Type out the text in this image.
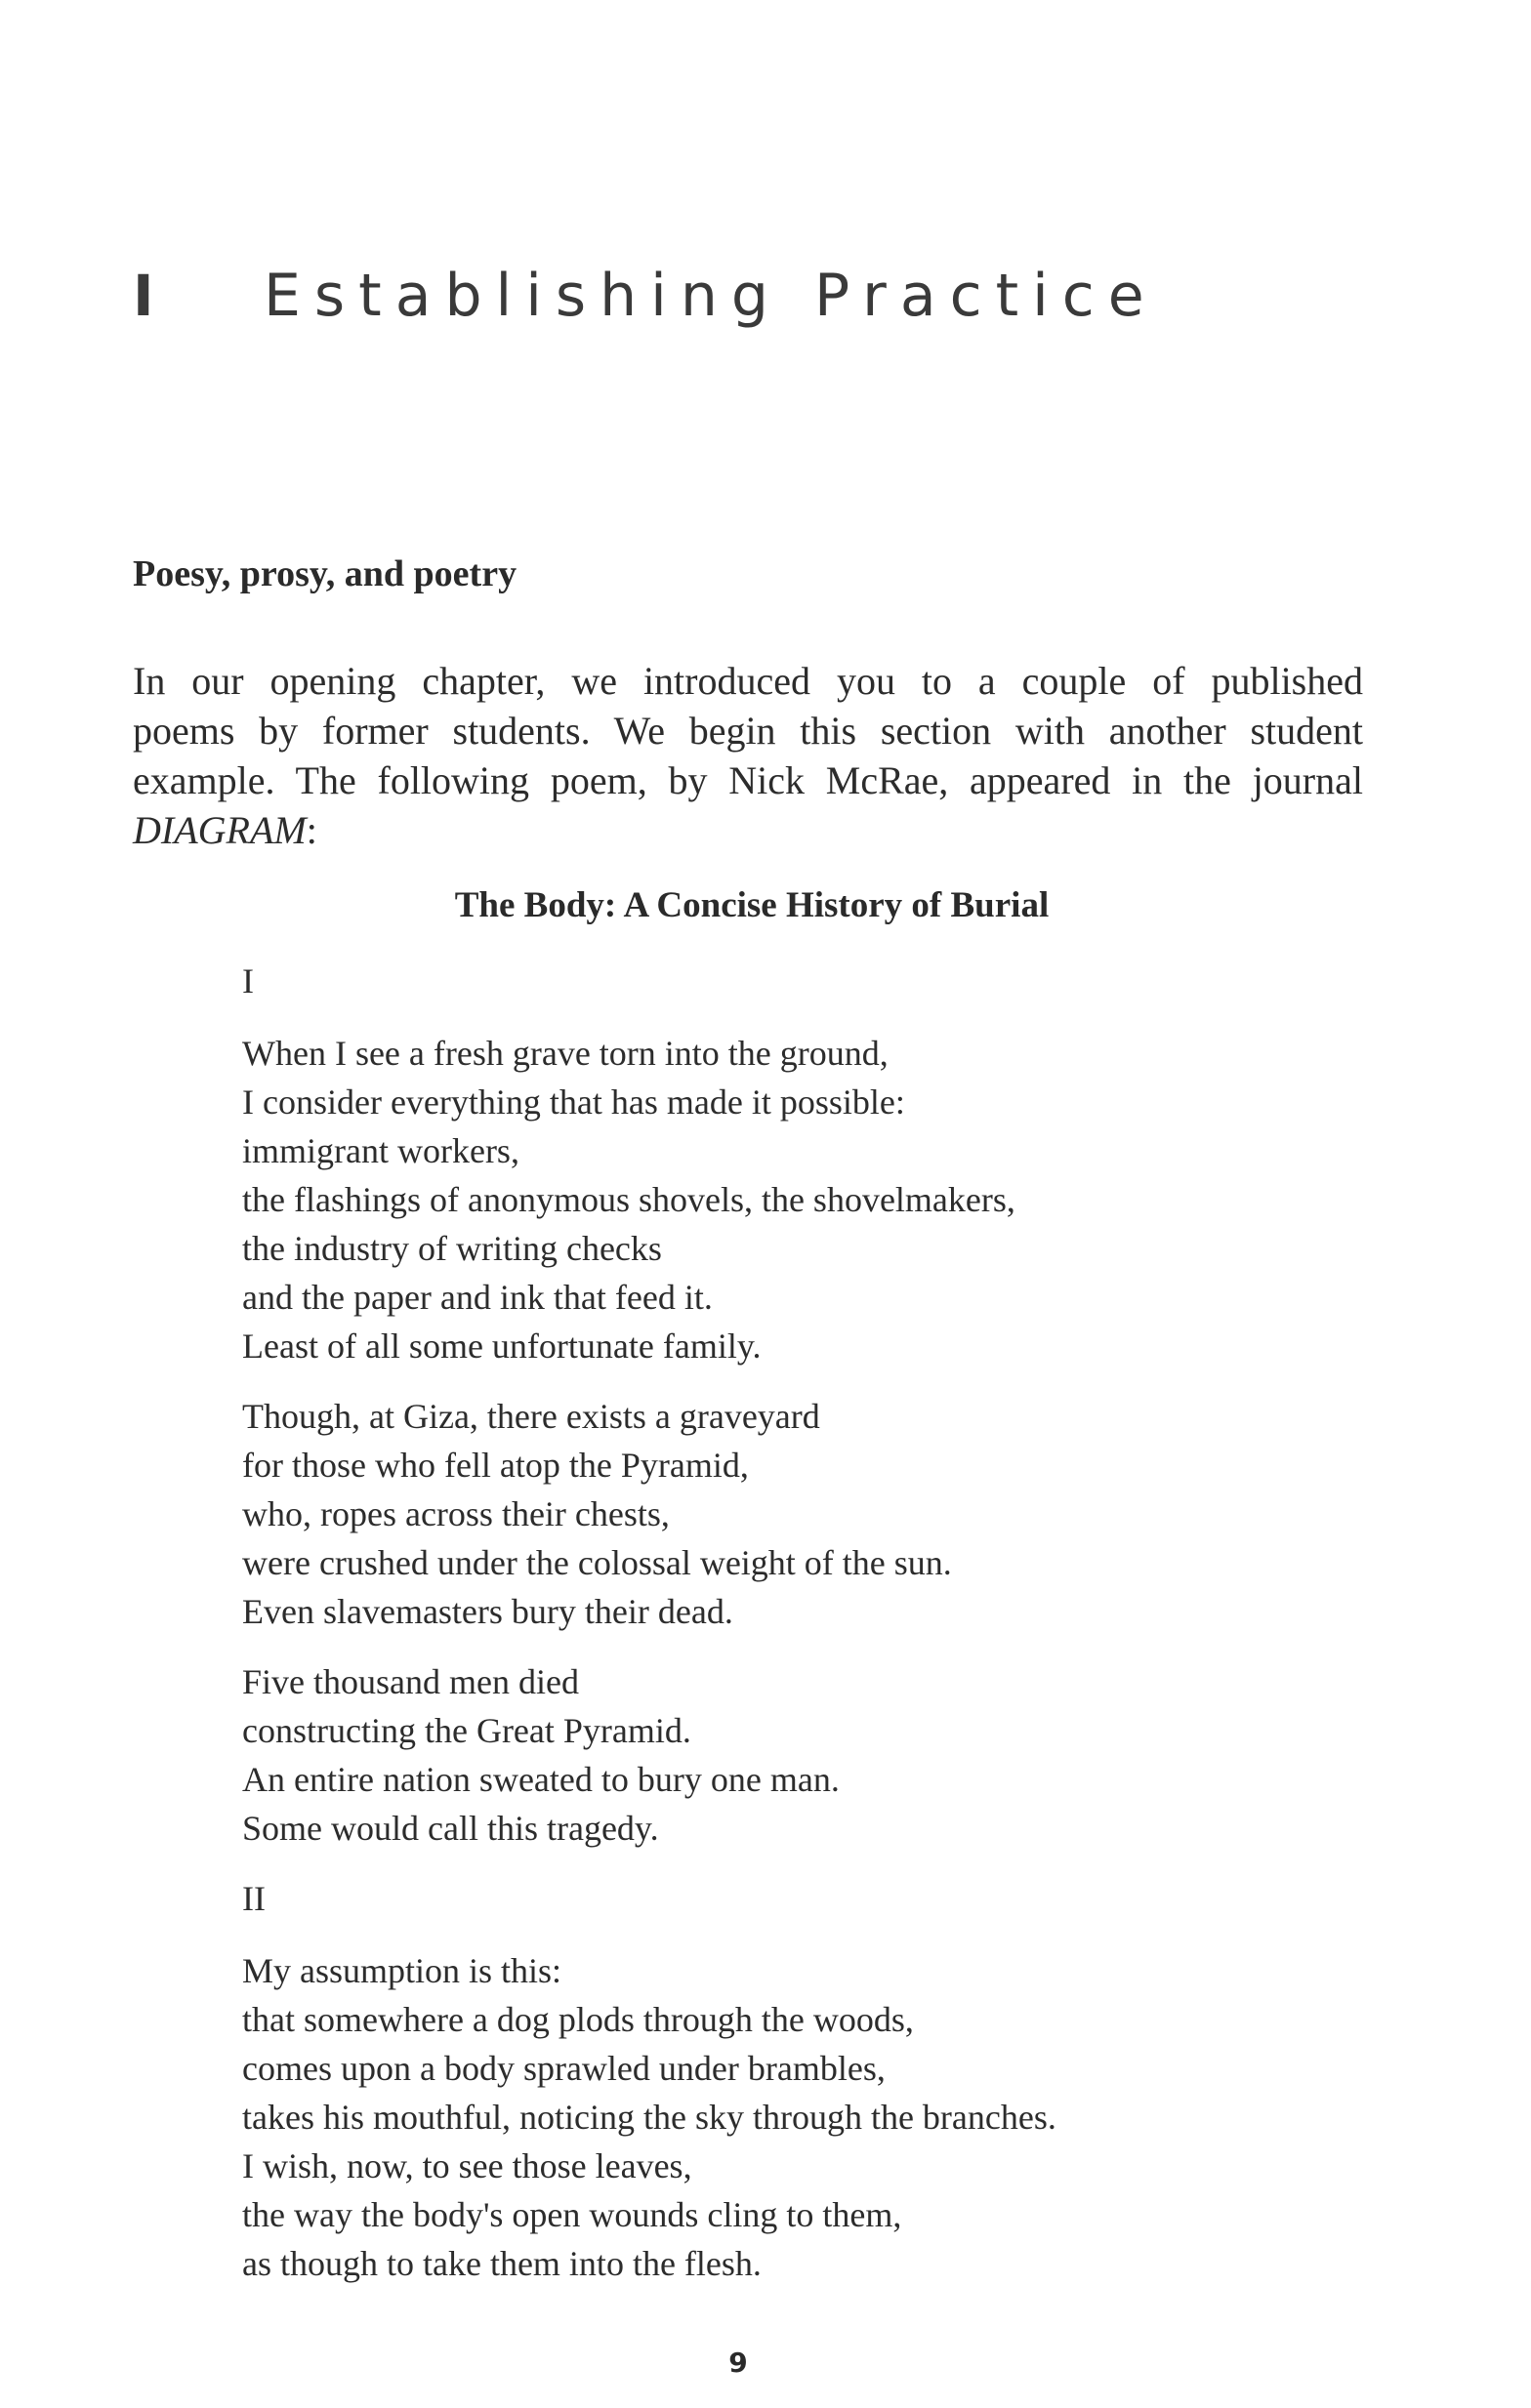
I	Establishing Practice
Poesy, prosy, and poetry
In our opening chapter, we introduced you to a couple of published
poems by former students. We begin this section with another student
example. The following poem, by Nick McRae, appeared in the journal
DIAGRAM:
The Body: A Concise History of Burial
I
When I see a fresh grave torn into the ground,
I consider everything that has made it possible:
immigrant workers,
the flashings of anonymous shovels, the shovelmakers,
the industry of writing checks
and the paper and ink that feed it.
Least of all some unfortunate family.
Though, at Giza, there exists a graveyard
for those who fell atop the Pyramid,
who, ropes across their chests,
were crushed under the colossal weight of the sun.
Even slavemasters bury their dead.
Five thousand men died
constructing the Great Pyramid.
An entire nation sweated to bury one man.
Some would call this tragedy.
II
My assumption is this:
that somewhere a dog plods through the woods,
comes upon a body sprawled under brambles,
takes his mouthful, noticing the sky through the branches.
I wish, now, to see those leaves,
the way the body's open wounds cling to them,
as though to take them into the flesh.
9
